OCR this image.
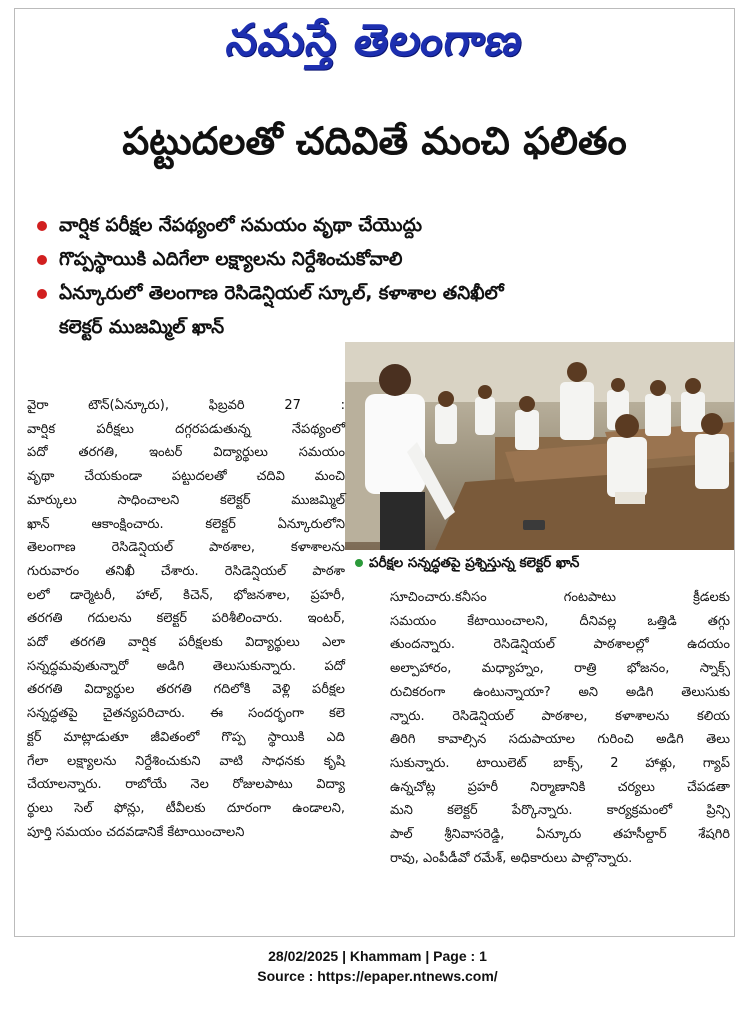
నమస్తే తెలంగాణ
పట్టుదలతో చదివితే మంచి ఫలితం
వార్షిక పరీక్షల నేపథ్యంలో సమయం వృథా చేయొద్దు
గొప్పస్థాయికి ఎదిగేలా లక్ష్యాలను నిర్దేశించుకోవాలి
ఏన్కూరులో తెలంగాణ రెసిడెన్షియల్ స్కూల్, కళాశాల తనిఖీలో
కలెక్టర్ ముజమ్మిల్ ఖాన్
పరీక్షల సన్నద్ధతపై ప్రశ్నిస్తున్న కలెక్టర్ ఖాన్

వైరా టౌన్(ఏన్కూరు), ఫిబ్రవరి 27 :

వార్షిక పరీక్షలు దగ్గరపడుతున్న నేపథ్యంలో

పదో తరగతి, ఇంటర్ విద్యార్థులు సమయం

వృథా చేయకుండా పట్టుదలతో చదివి మంచి

మార్కులు సాధించాలని కలెక్టర్ ముజమ్మిల్

ఖాన్ ఆకాంక్షించారు. కలెక్టర్ ఏన్కూరులోని

తెలంగాణ రెసిడెన్షియల్ పాఠశాల, కళాశాలను

గురువారం తనిఖీ చేశారు. రెసిడెన్షియల్ పాఠశా

లలో డార్మెటరీ, హాల్, కిచెన్, భోజనశాల, ప్రహరీ,

తరగతి గదులను కలెక్టర్ పరిశీలించారు. ఇంటర్,

పదో తరగతి వార్షిక పరీక్షలకు విద్యార్థులు ఎలా

సన్నద్ధమవుతున్నారో అడిగి తెలుసుకున్నారు. పదో

తరగతి విద్యార్థుల తరగతి గదిలోకి వెళ్లి పరీక్షల

సన్నద్ధతపై చైతన్యపరిచారు. ఈ సందర్భంగా కలె

క్టర్ మాట్లాడుతూ జీవితంలో గొప్ప స్థాయికి ఎది

గేలా లక్ష్యాలను నిర్దేశించుకుని వాటి సాధనకు కృషి

చేయాలన్నారు. రాబోయే నెల రోజులపాటు విద్యా

ర్థులు సెల్ ఫోన్లు, టీవీలకు దూరంగా ఉండాలని,

పూర్తి సమయం చదవడానికే కేటాయించాలని

సూచించారు.కనీసం గంటపాటు క్రీడలకు

సమయం కేటాయించాలని, దీనివల్ల ఒత్తిడి తగ్గు

తుందన్నారు. రెసిడెన్షియల్ పాఠశాలల్లో ఉదయం

అల్పాహారం, మధ్యాహ్నం, రాత్రి భోజనం, స్నాక్స్

రుచికరంగా ఉంటున్నాయా? అని అడిగి తెలుసుకు

న్నారు. రెసిడెన్షియల్ పాఠశాల, కళాశాలను కలియ

తిరిగి కావాల్సిన సదుపాయాల గురించి అడిగి తెలు

సుకున్నారు. టాయిలెట్ బాక్స్, 2 హాళ్లు, గ్యాప్

ఉన్నచోట్ల ప్రహరీ నిర్మాణానికి చర్యలు చేపడతా

మని కలెక్టర్ పేర్కొన్నారు. కార్యక్రమంలో ప్రిన్సి

పాల్ శ్రీనివాసరెడ్డి, ఏన్కూరు తహసీల్దార్ శేషగిరి

రావు, ఎంపీడీవో రమేశ్, అధికారులు పాల్గొన్నారు.

28/02/2025 | Khammam | Page : 1
Source : https://epaper.ntnews.com/
